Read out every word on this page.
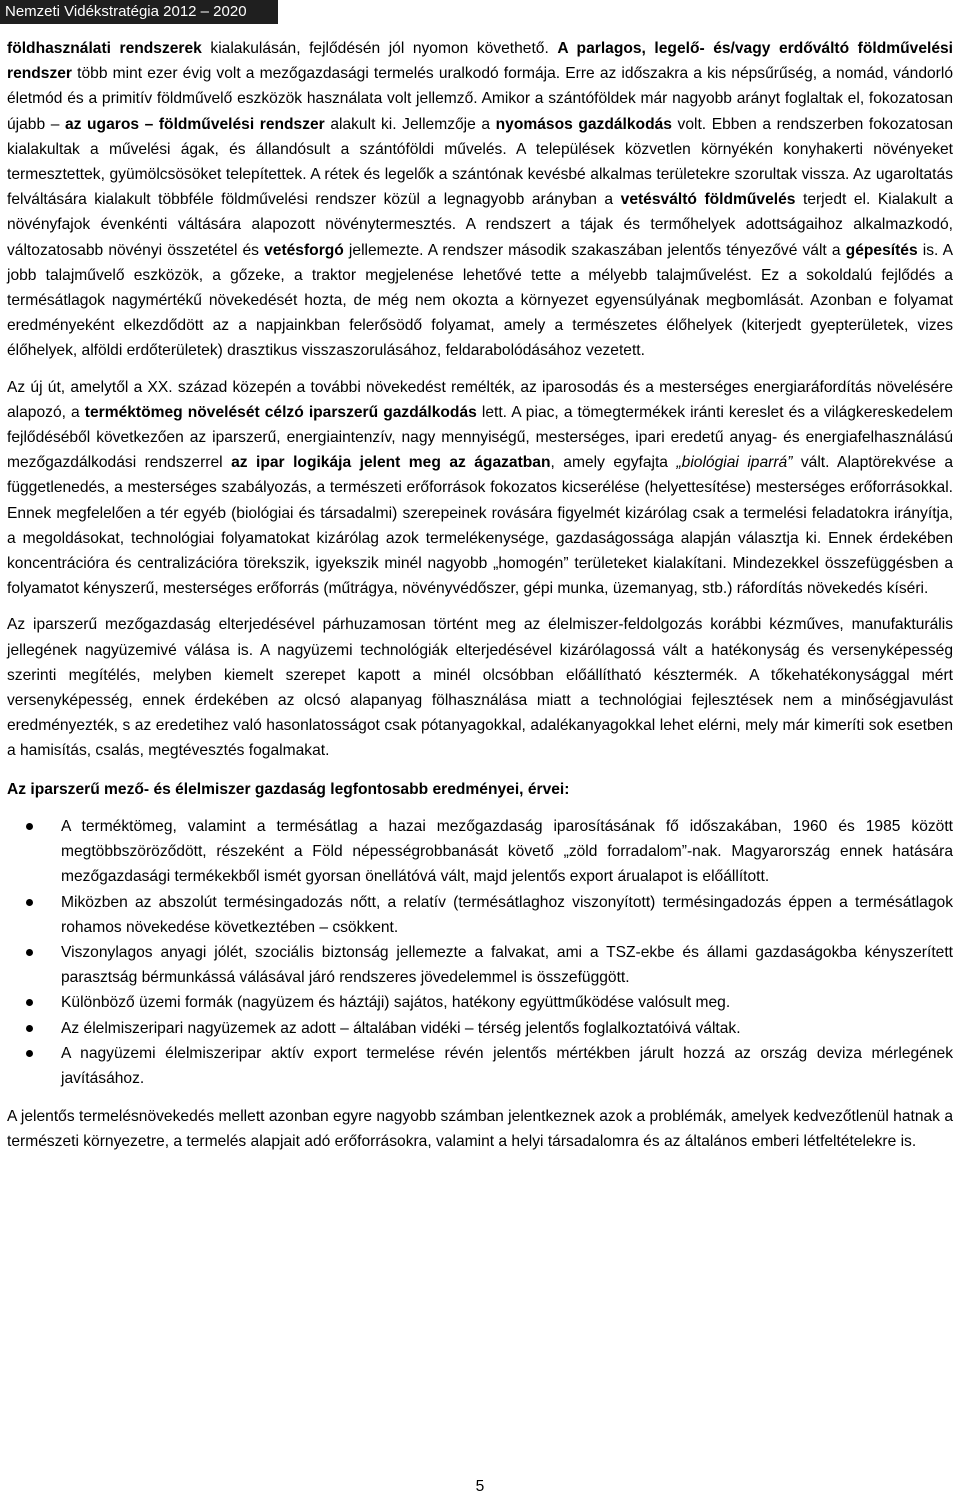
Nemzeti Vidékstratégia 2012 – 2020

földhasználati rendszerek kialakulásán, fejlődésén jól nyomon követhető. A parlagos, legelő- és/vagy erdőváltó földművelési rendszer több mint ezer évig volt a mezőgazdasági termelés uralkodó formája. Erre az időszakra a kis népsűrűség, a nomád, vándorló életmód és a primitív földművelő eszközök használata volt jellemző. Amikor a szántóföldek már nagyobb arányt foglaltak el, fokozatosan újabb – az ugaros – földművelési rendszer alakult ki. Jellemzője a nyomásos gazdálkodás volt. Ebben a rendszerben fokozatosan kialakultak a művelési ágak, és állandósult a szántóföldi művelés. A települések közvetlen környékén konyhakerti növényeket termesztettek, gyümölcsösöket telepítettek. A rétek és legelők a szántónak kevésbé alkalmas területekre szorultak vissza. Az ugaroltatás felváltására kialakult többféle földművelési rendszer közül a legnagyobb arányban a vetésváltó földművelés terjedt el. Kialakult a növényfajok évenkénti váltására alapozott növénytermesztés. A rendszert a tájak és termőhelyek adottságaihoz alkalmazkodó, változatosabb növényi összetétel és vetésforgó jellemezte. A rendszer második szakaszában jelentős tényezővé vált a gépesítés is. A jobb talajművelő eszközök, a gőzeke, a traktor megjelenése lehetővé tette a mélyebb talajművelést. Ez a sokoldalú fejlődés a termésátlagok nagymértékű növekedését hozta, de még nem okozta a környezet egyensúlyának megbomlását. Azonban e folyamat eredményeként elkezdődött az a napjainkban felerősödő folyamat, amely a természetes élőhelyek (kiterjedt gyepterületek, vizes élőhelyek, alföldi erdőterületek) drasztikus visszaszorulásához, feldarabolódásához vezetett.

Az új út, amelytől a XX. század közepén a további növekedést remélték, az iparosodás és a mesterséges energiaráfordítás növelésére alapozó, a terméktömeg növelését célzó iparszerű gazdálkodás lett. A piac, a tömegtermékek iránti kereslet és a világkereskedelem fejlődéséből következően az iparszerű, energiaintenzív, nagy mennyiségű, mesterséges, ipari eredetű anyag- és energiafelhasználású mezőgazdálkodási rendszerrel az ipar logikája jelent meg az ágazatban, amely egyfajta „biológiai iparrá” vált. Alaptörekvése a függetlenedés, a mesterséges szabályozás, a természeti erőforrások fokozatos kicserélése (helyettesítése) mesterséges erőforrásokkal. Ennek megfelelően a tér egyéb (biológiai és társadalmi) szerepeinek rovására figyelmét kizárólag csak a termelési feladatokra irányítja, a megoldásokat, technológiai folyamatokat kizárólag azok termelékenysége, gazdaságossága alapján választja ki. Ennek érdekében koncentrációra és centralizációra törekszik, igyekszik minél nagyobb „homogén” területeket kialakítani. Mindezekkel összefüggésben a folyamatot kényszerű, mesterséges erőforrás (műtrágya, növényvédőszer, gépi munka, üzemanyag, stb.) ráfordítás növekedés kíséri.

Az iparszerű mezőgazdaság elterjedésével párhuzamosan történt meg az élelmiszer-feldolgozás korábbi kézműves, manufakturális jellegének nagyüzemivé válása is. A nagyüzemi technológiák elterjedésével kizárólagossá vált a hatékonyság és versenyképesség szerinti megítélés, melyben kiemelt szerepet kapott a minél olcsóbban előállítható késztermék. A tőkehatékonysággal mért versenyképesség, ennek érdekében az olcsó alapanyag fölhasználása miatt a technológiai fejlesztések nem a minőségjavulást eredményezték, s az eredetihez való hasonlatosságot csak pótanyagokkal, adalékanyagokkal lehet elérni, mely már kimeríti sok esetben a hamisítás, csalás, megtévesztés fogalmakat.

Az iparszerű mező- és élelmiszer gazdaság legfontosabb eredményei, érvei:

A terméktömeg, valamint a termésátlag a hazai mezőgazdaság iparosításának fő időszakában, 1960 és 1985 között megtöbbszöröződött, részeként a Föld népességrobbanását követő „zöld forradalom”-nak. Magyarország ennek hatására mezőgazdasági termékekből ismét gyorsan önellátóvá vált, majd jelentős export árualapot is előállított.
Miközben az abszolút termésingadozás nőtt, a relatív (termésátlaghoz viszonyított) termésingadozás éppen a termésátlagok rohamos növekedése következtében – csökkent.
Viszonylagos anyagi jólét, szociális biztonság jellemezte a falvakat, ami a TSZ-ekbe és állami gazdaságokba kényszerített parasztság bérmunkássá válásával járó rendszeres jövedelemmel is összefüggött.
Különböző üzemi formák (nagyüzem és háztáji) sajátos, hatékony együttműködése valósult meg.
Az élelmiszeripari nagyüzemek az adott – általában vidéki – térség jelentős foglalkoztatóivá váltak.
A nagyüzemi élelmiszeripar aktív export termelése révén jelentős mértékben járult hozzá az ország deviza mérlegének javításához.

A jelentős termelésnövekedés mellett azonban egyre nagyobb számban jelentkeznek azok a problémák, amelyek kedvezőtlenül hatnak a természeti környezetre, a termelés alapjait adó erőforrásokra, valamint a helyi társadalomra és az általános emberi létfeltételekre is.

5
